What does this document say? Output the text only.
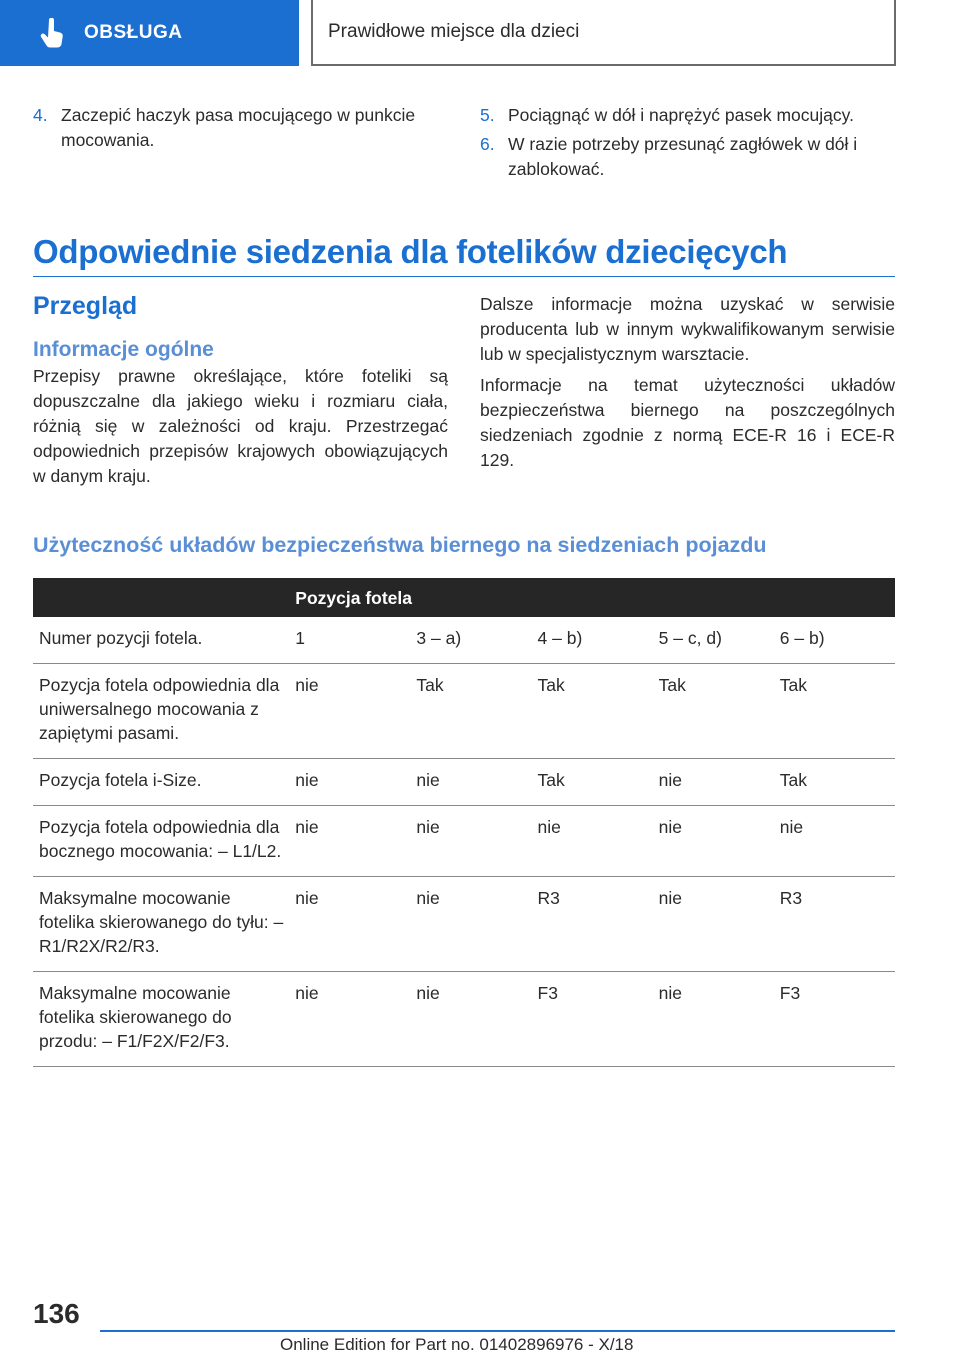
OBSŁUGA	Prawidłowe miejsce dla dzieci
4. Zaczepić haczyk pasa mocującego w punkcie mocowania.
5. Pociągnąć w dół i naprężyć pasek mocujący.
6. W razie potrzeby przesunąć zagłówek w dół i zablokować.
Odpowiednie siedzenia dla fotelików dziecięcych
Przegląd
Informacje ogólne

Przepisy prawne określające, które foteliki są dopuszczalne dla jakiego wieku i rozmiaru ciała, różnią się w zależności od kraju. Przestrzegać odpowiednich przepisów krajowych obowiązujących w danym kraju.

Dalsze informacje można uzyskać w serwisie producenta lub w innym wykwalifikowanym serwisie lub w specjalistycznym warsztacie.

Informacje na temat użyteczności układów bezpieczeństwa biernego na poszczególnych siedzeniach zgodnie z normą ECE-R 16 i ECE-R 129.

Użyteczność układów bezpieczeństwa biernego na siedzeniach pojazdu
	Pozycja fotela				
Numer pozycji fotela.	1	3 – a)	4 – b)	5 – c, d)	6 – b)
Pozycja fotela odpowiednia dla uniwersalnego mocowania z zapiętymi pasami.	nie	Tak	Tak	Tak	Tak
Pozycja fotela i-Size.	nie	nie	Tak	nie	Tak
Pozycja fotela odpowiednia dla bocznego mocowania: – L1/L2.	nie	nie	nie	nie	nie
Maksymalne mocowanie fotelika skierowanego do tyłu: – R1/R2X/R2/R3.	nie	nie	R3	nie	R3
Maksymalne mocowanie fotelika skierowanego do przodu: – F1/F2X/F2/F3.	nie	nie	F3	nie	F3
136
Online Edition for Part no. 01402896976 - X/18
